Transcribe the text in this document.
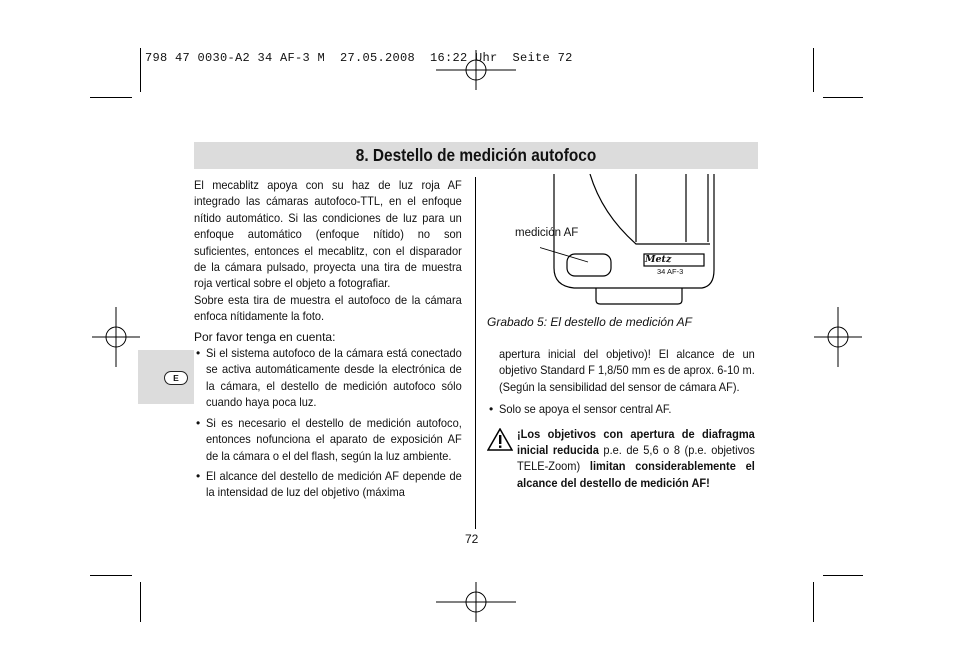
798 47 0030-A2 34 AF-3 M  27.05.2008  16:22 Uhr  Seite 72
8. Destello de medición autofoco
E

El mecablitz apoya con su haz de luz roja AF integrado las cámaras autofoco-TTL, en el enfoque nítido automático. Si las condiciones de luz para un enfoque automático (enfoque nítido) no son suficientes, entonces el mecablitz, con el disparador de la cámara pulsado, proyecta una tira de muestra roja vertical sobre el objeto a fotografiar.

Sobre esta tira de muestra el autofoco de la cámara enfoca nítidamente la foto.

Por favor tenga en cuenta:

• Si el sistema autofoco de la cámara está conectado se activa automáticamente desde la electrónica de la cámara, el destello de medición autofoco sólo cuando haya poca luz.
• Si es necesario el destello de medición autofoco, entonces nofunciona el aparato de exposición AF de la cámara o el del flash, según la luz ambiente.
• El alcance del destello de medición AF depende de la intensidad de luz del objetivo (máxima
Metz
34 AF-3
medición AF
Grabado 5: El destello de medición AF

apertura inicial del objetivo)! El alcance de un objetivo Standard F 1,8/50 mm es de aprox. 6-10 m. (Según la sensibilidad del sensor de cámara AF).

• Solo se apoya el sensor central AF.
¡Los objetivos con apertura de diafragma inicial reducida p.e. de 5,6 o 8 (p.e. objetivos TELE-Zoom) limitan considerablemente el alcance del destello de medición AF!
72
